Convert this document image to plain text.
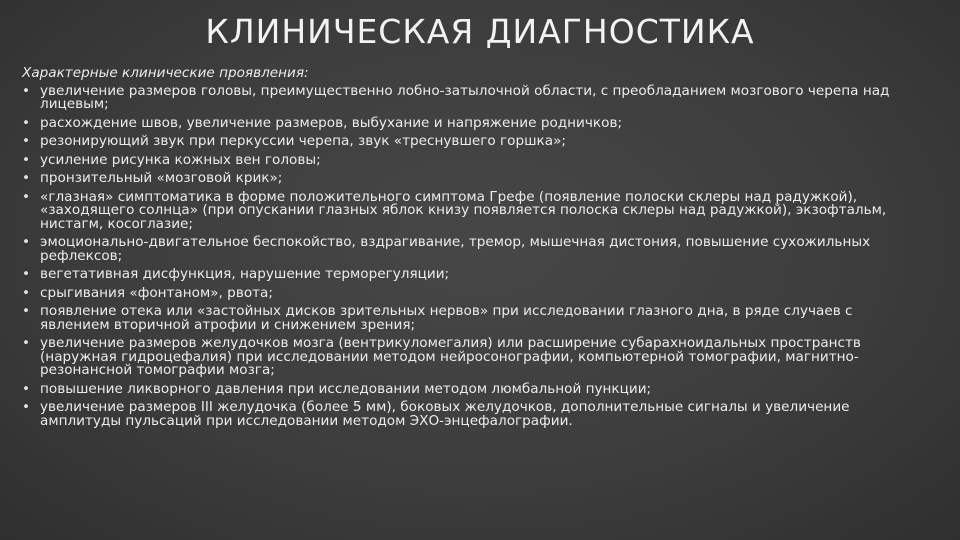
КЛИНИЧЕСКАЯ ДИАГНОСТИКА

Характерные клинические проявления:

• увеличение размеров головы, преимущественно лобно-затылочной области, с преобладанием мозгового черепа над лицевым;
• расхождение швов, увеличение размеров, выбухание и напряжение родничков;
• резонирующий звук при перкуссии черепа, звук «треснувшего горшка»;
• усиление рисунка кожных вен головы;
• пронзительный «мозговой крик»;
• «глазная» симптоматика в форме положительного симптома Грефе (появление полоски склеры над радужкой), «заходящего солнца» (при опускании глазных яблок книзу появляется полоска склеры над радужкой), экзофтальм, нистагм, косоглазие;
• эмоционально-двигательное беспокойство, вздрагивание, тремор, мышечная дистония, повышение сухожильных рефлексов;
• вегетативная дисфункция, нарушение терморегуляции;
• срыгивания «фонтаном», рвота;
• появление отека или «застойных дисков зрительных нервов» при исследовании глазного дна, в ряде случаев с явлением вторичной атрофии и снижением зрения;
• увеличение размеров желудочков мозга (вентрикуломегалия) или расширение субарахноидальных пространств (наружная гидроцефалия) при исследовании методом нейросонографии, компьютерной томографии, магнитно-резонансной томографии мозга;
• повышение ликворного давления при исследовании методом люмбальной пункции;
• увеличение размеров III желудочка (более 5 мм), боковых желудочков, дополнительные сигналы и увеличение амплитуды пульсаций при исследовании методом ЭХО-энцефалографии.
